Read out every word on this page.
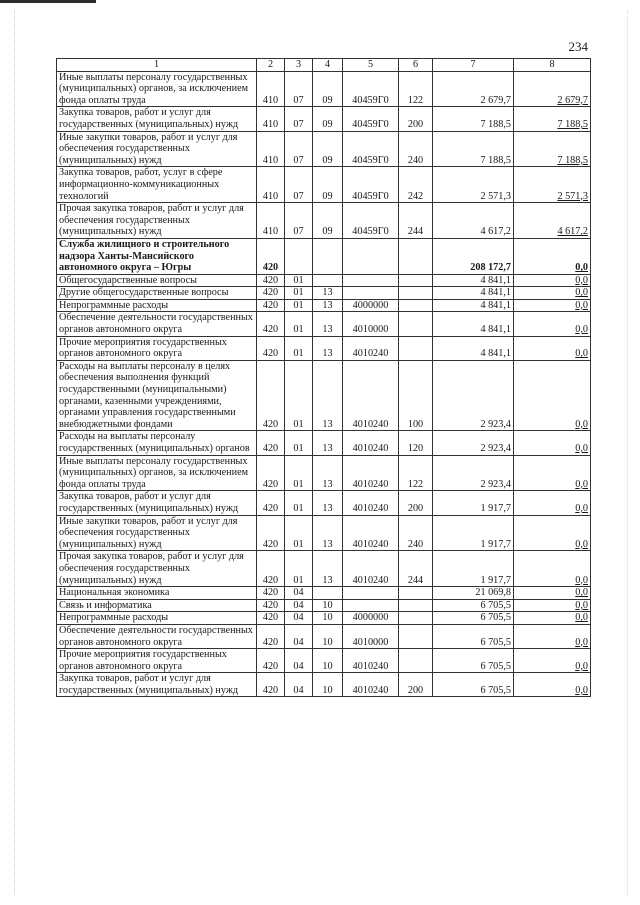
234
1	2	3	4	5	6	7	8
Иные выплаты персоналу государственных (муниципальных) органов, за исключением фонда оплаты труда	410	07	09	40459Г0	122	2 679,7	2 679,7
Закупка товаров, работ и услуг для государственных (муниципальных) нужд	410	07	09	40459Г0	200	7 188,5	7 188,5
Иные закупки товаров, работ и услуг для обеспечения государственных (муниципальных) нужд	410	07	09	40459Г0	240	7 188,5	7 188,5
Закупка товаров, работ, услуг в сфере информационно-коммуникационных технологий	410	07	09	40459Г0	242	2 571,3	2 571,3
Прочая закупка товаров, работ и услуг для обеспечения государственных (муниципальных) нужд	410	07	09	40459Г0	244	4 617,2	4 617,2
Служба жилищного и строительного надзора Ханты-Мансийского автономного округа – Югры	420					208 172,7	0,0
Общегосударственные вопросы	420	01				4 841,1	0,0
Другие общегосударственные вопросы	420	01	13			4 841,1	0,0
Непрограммные расходы	420	01	13	4000000		4 841,1	0,0
Обеспечение деятельности государственных органов автономного округа	420	01	13	4010000		4 841,1	0,0
Прочие мероприятия государственных органов автономного округа	420	01	13	4010240		4 841,1	0,0
Расходы на выплаты персоналу в целях обеспечения выполнения функций государственными (муниципальными) органами, казенными учреждениями, органами управления государственными внебюджетными фондами	420	01	13	4010240	100	2 923,4	0,0
Расходы на выплаты персоналу государственных (муниципальных) органов	420	01	13	4010240	120	2 923,4	0,0
Иные выплаты персоналу государственных (муниципальных) органов, за исключением фонда оплаты труда	420	01	13	4010240	122	2 923,4	0,0
Закупка товаров, работ и услуг для государственных (муниципальных) нужд	420	01	13	4010240	200	1 917,7	0,0
Иные закупки товаров, работ и услуг для обеспечения государственных (муниципальных) нужд	420	01	13	4010240	240	1 917,7	0,0
Прочая закупка товаров, работ и услуг для обеспечения государственных (муниципальных) нужд	420	01	13	4010240	244	1 917,7	0,0
Национальная экономика	420	04				21 069,8	0,0
Связь и информатика	420	04	10			6 705,5	0,0
Непрограммные расходы	420	04	10	4000000		6 705,5	0,0
Обеспечение деятельности государственных органов автономного округа	420	04	10	4010000		6 705,5	0,0
Прочие мероприятия государственных органов автономного округа	420	04	10	4010240		6 705,5	0,0
Закупка товаров, работ и услуг для государственных (муниципальных) нужд	420	04	10	4010240	200	6 705,5	0,0
